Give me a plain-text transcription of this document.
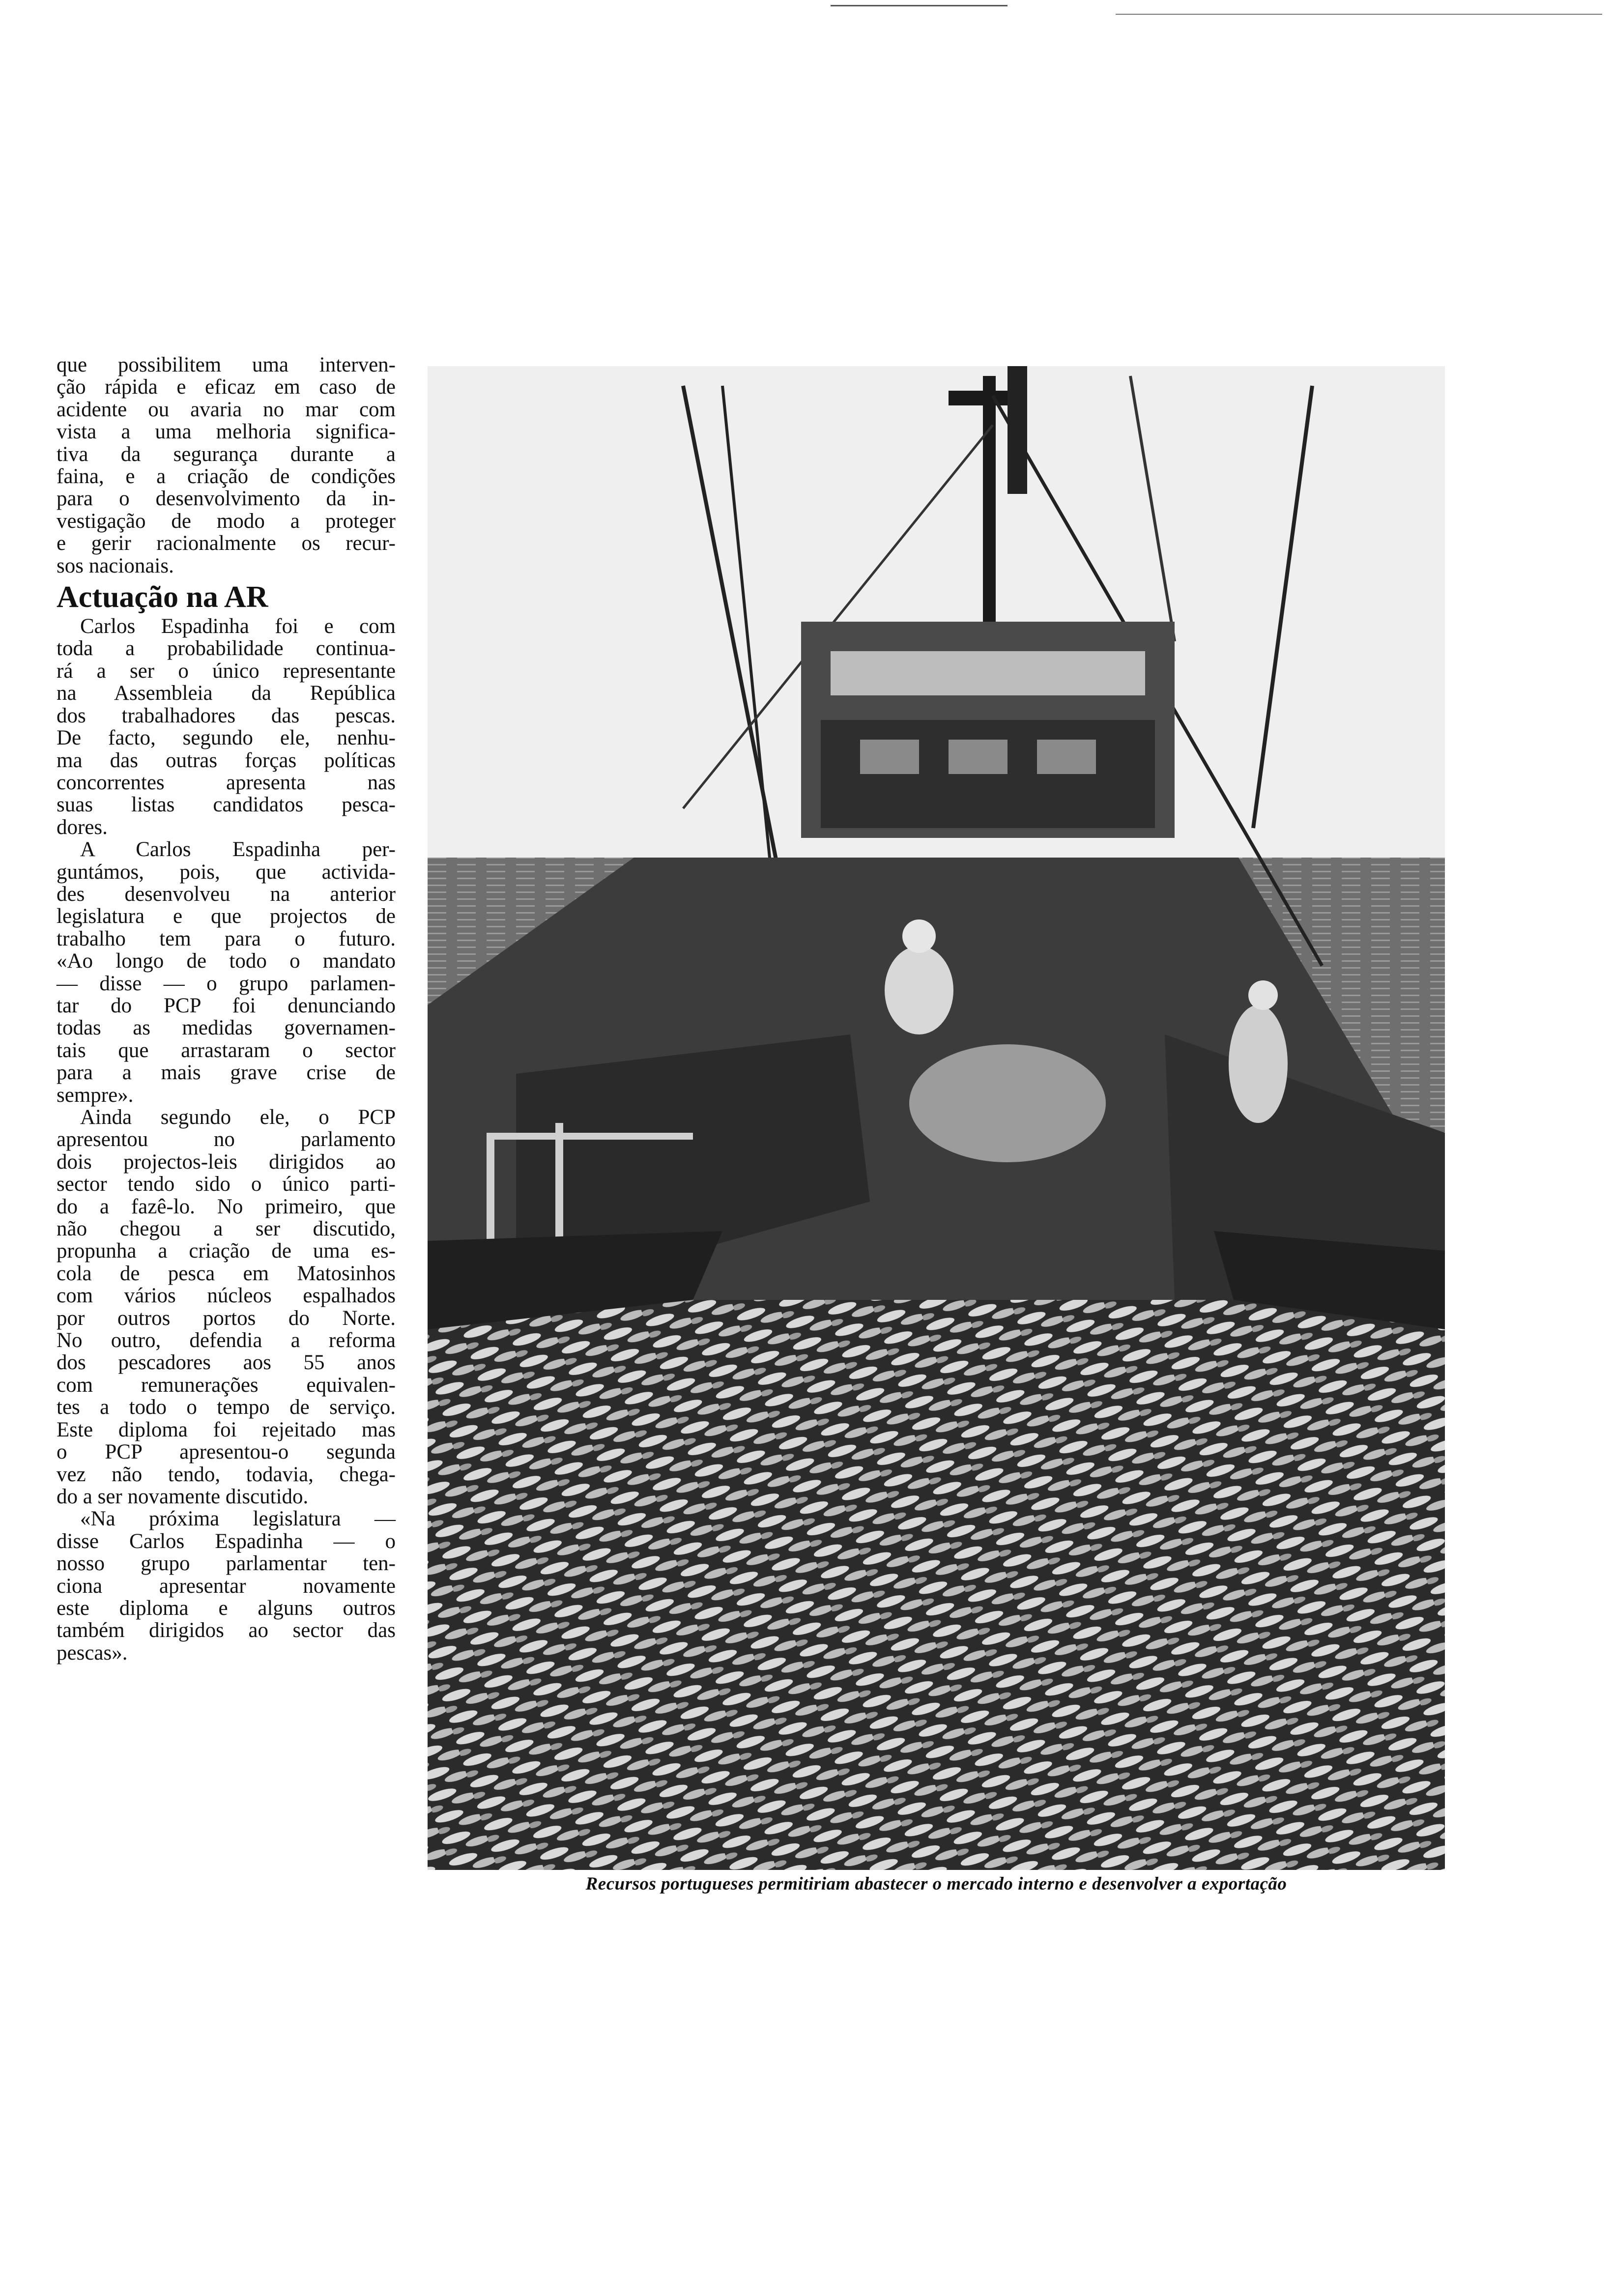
que possibilitem uma interven-
ção rápida e eficaz em caso de
acidente ou avaria no mar com
vista a uma melhoria significa-
tiva da segurança durante a
faina, e a criação de condições
para o desenvolvimento da in-
vestigação de modo a proteger
e gerir racionalmente os recur-
sos nacionais.
Actuação na AR
Carlos Espadinha foi e com
toda a probabilidade continua-
rá a ser o único representante
na Assembleia da República
dos trabalhadores das pescas.
De facto, segundo ele, nenhu-
ma das outras forças políticas
concorrentes apresenta nas
suas listas candidatos pesca-
dores.
A Carlos Espadinha per-
guntámos, pois, que activida-
des desenvolveu na anterior
legislatura e que projectos de
trabalho tem para o futuro.
«Ao longo de todo o mandato
— disse — o grupo parlamen-
tar do PCP foi denunciando
todas as medidas governamen-
tais que arrastaram o sector
para a mais grave crise de
sempre».
Ainda segundo ele, o PCP
apresentou no parlamento
dois projectos-leis dirigidos ao
sector tendo sido o único parti-
do a fazê-lo. No primeiro, que
não chegou a ser discutido,
propunha a criação de uma es-
cola de pesca em Matosinhos
com vários núcleos espalhados
por outros portos do Norte.
No outro, defendia a reforma
dos pescadores aos 55 anos
com remunerações equivalen-
tes a todo o tempo de serviço.
Este diploma foi rejeitado mas
o PCP apresentou-o segunda
vez não tendo, todavia, chega-
do a ser novamente discutido.
«Na próxima legislatura —
disse Carlos Espadinha — o
nosso grupo parlamentar ten-
ciona apresentar novamente
este diploma e alguns outros
também dirigidos ao sector das
pescas».
Recursos portugueses permitiriam abastecer o mercado interno e desenvolver a exportação
